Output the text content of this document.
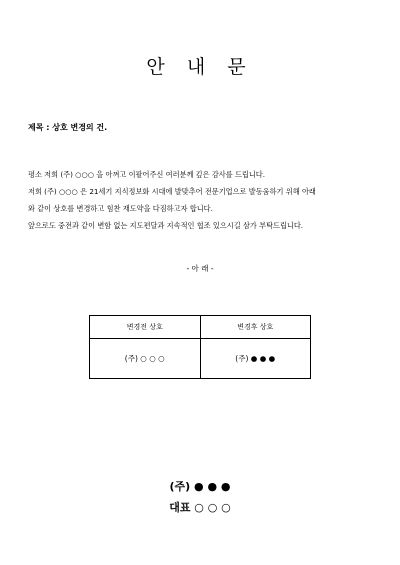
안 내 문
제목 : 상호 변경의 건.

평소 저희 (주) ○○○ 을 아껴고 이팔어주신 여러분께 깊은 감사를 드립니다.

저희 (주) ○○○ 은 21세기 지식정보화 시대에 발맞추어 전문기업으로 발동움하기 위해 아래

와 같이 상호를 변경하고 힘찬 재도약을 다짐하고자 합니다.

앞으로도 중전과 같이 변함 없는 지도편달과 지속적인 협조 있으시길 삼가 부탁드립니다.

- 아 래 -
변경전 상호	변경후 상호
(주) ○ ○ ○	(주) ● ● ●
(주) ● ● ●
대표 ○ ○ ○
